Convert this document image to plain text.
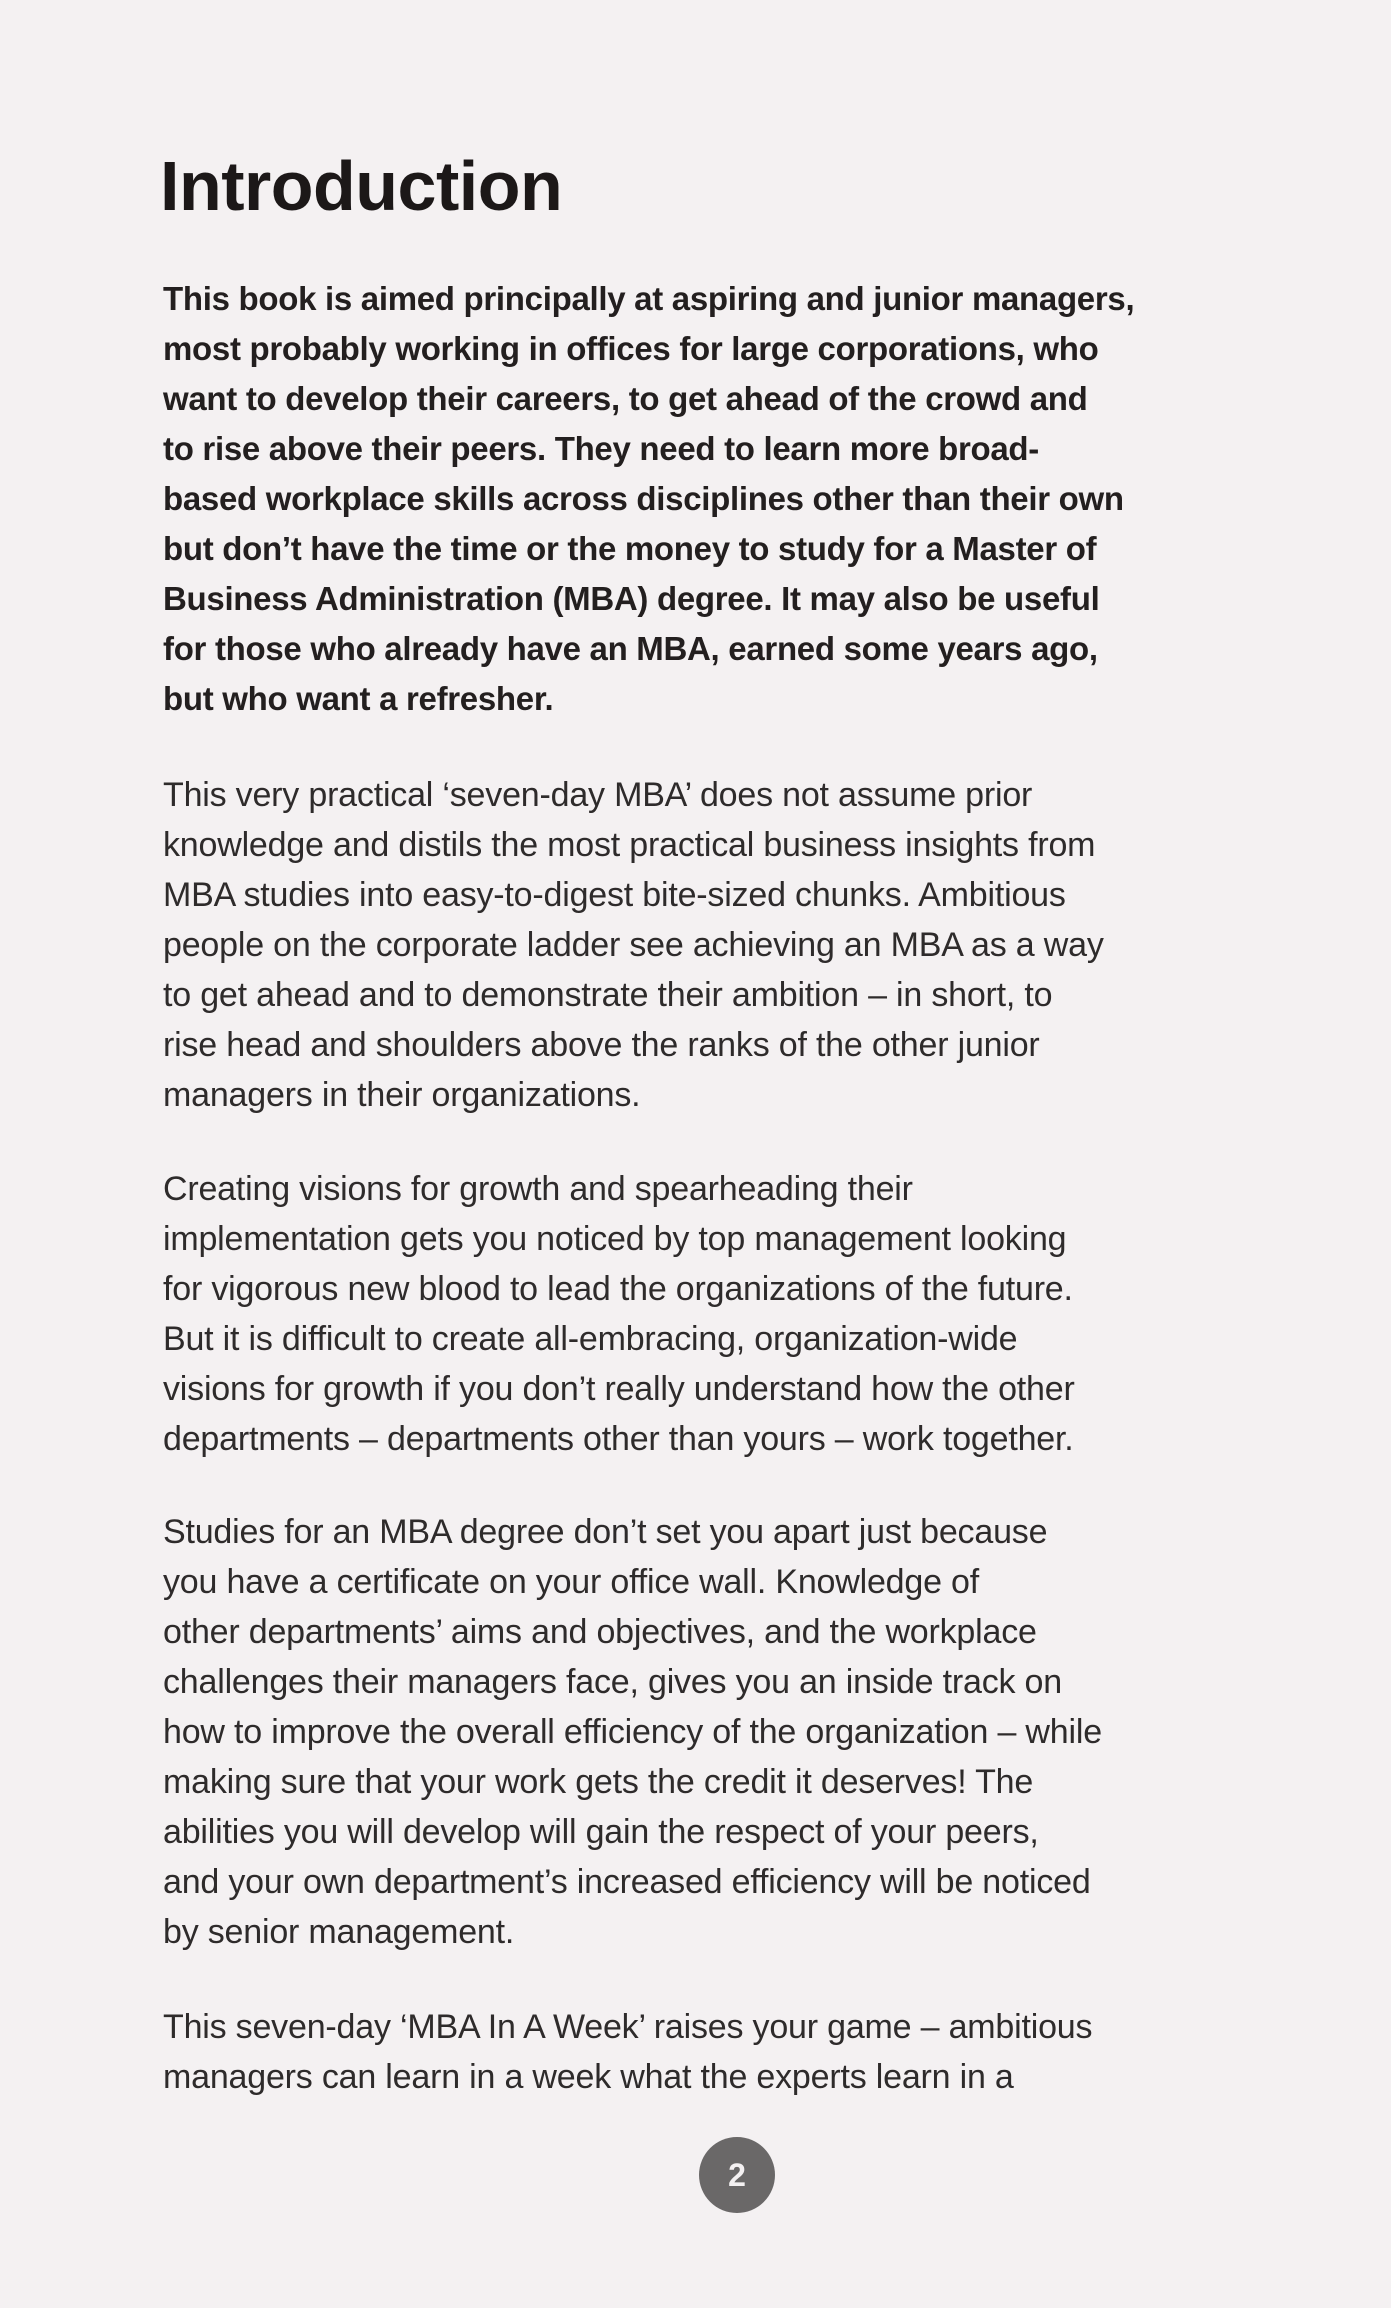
Introduction
This book is aimed principally at aspiring and junior managers,
most probably working in offices for large corporations, who
want to develop their careers, to get ahead of the crowd and
to rise above their peers. They need to learn more broad-
based workplace skills across disciplines other than their own
but don’t have the time or the money to study for a Master of
Business Administration (MBA) degree. It may also be useful
for those who already have an MBA, earned some years ago,
but who want a refresher.
This very practical ‘seven-day MBA’ does not assume prior
knowledge and distils the most practical business insights from
MBA studies into easy-to-digest bite-sized chunks. Ambitious
people on the corporate ladder see achieving an MBA as a way
to get ahead and to demonstrate their ambition – in short, to
rise head and shoulders above the ranks of the other junior
managers in their organizations.
Creating visions for growth and spearheading their
implementation gets you noticed by top management looking
for vigorous new blood to lead the organizations of the future.
But it is difficult to create all-embracing, organization-wide
visions for growth if you don’t really understand how the other
departments – departments other than yours – work together.
Studies for an MBA degree don’t set you apart just because
you have a certificate on your office wall. Knowledge of
other departments’ aims and objectives, and the workplace
challenges their managers face, gives you an inside track on
how to improve the overall efficiency of the organization – while
making sure that your work gets the credit it deserves! The
abilities you will develop will gain the respect of your peers,
and your own department’s increased efficiency will be noticed
by senior management.
This seven-day ‘MBA In A Week’ raises your game – ambitious
managers can learn in a week what the experts learn in a
2
